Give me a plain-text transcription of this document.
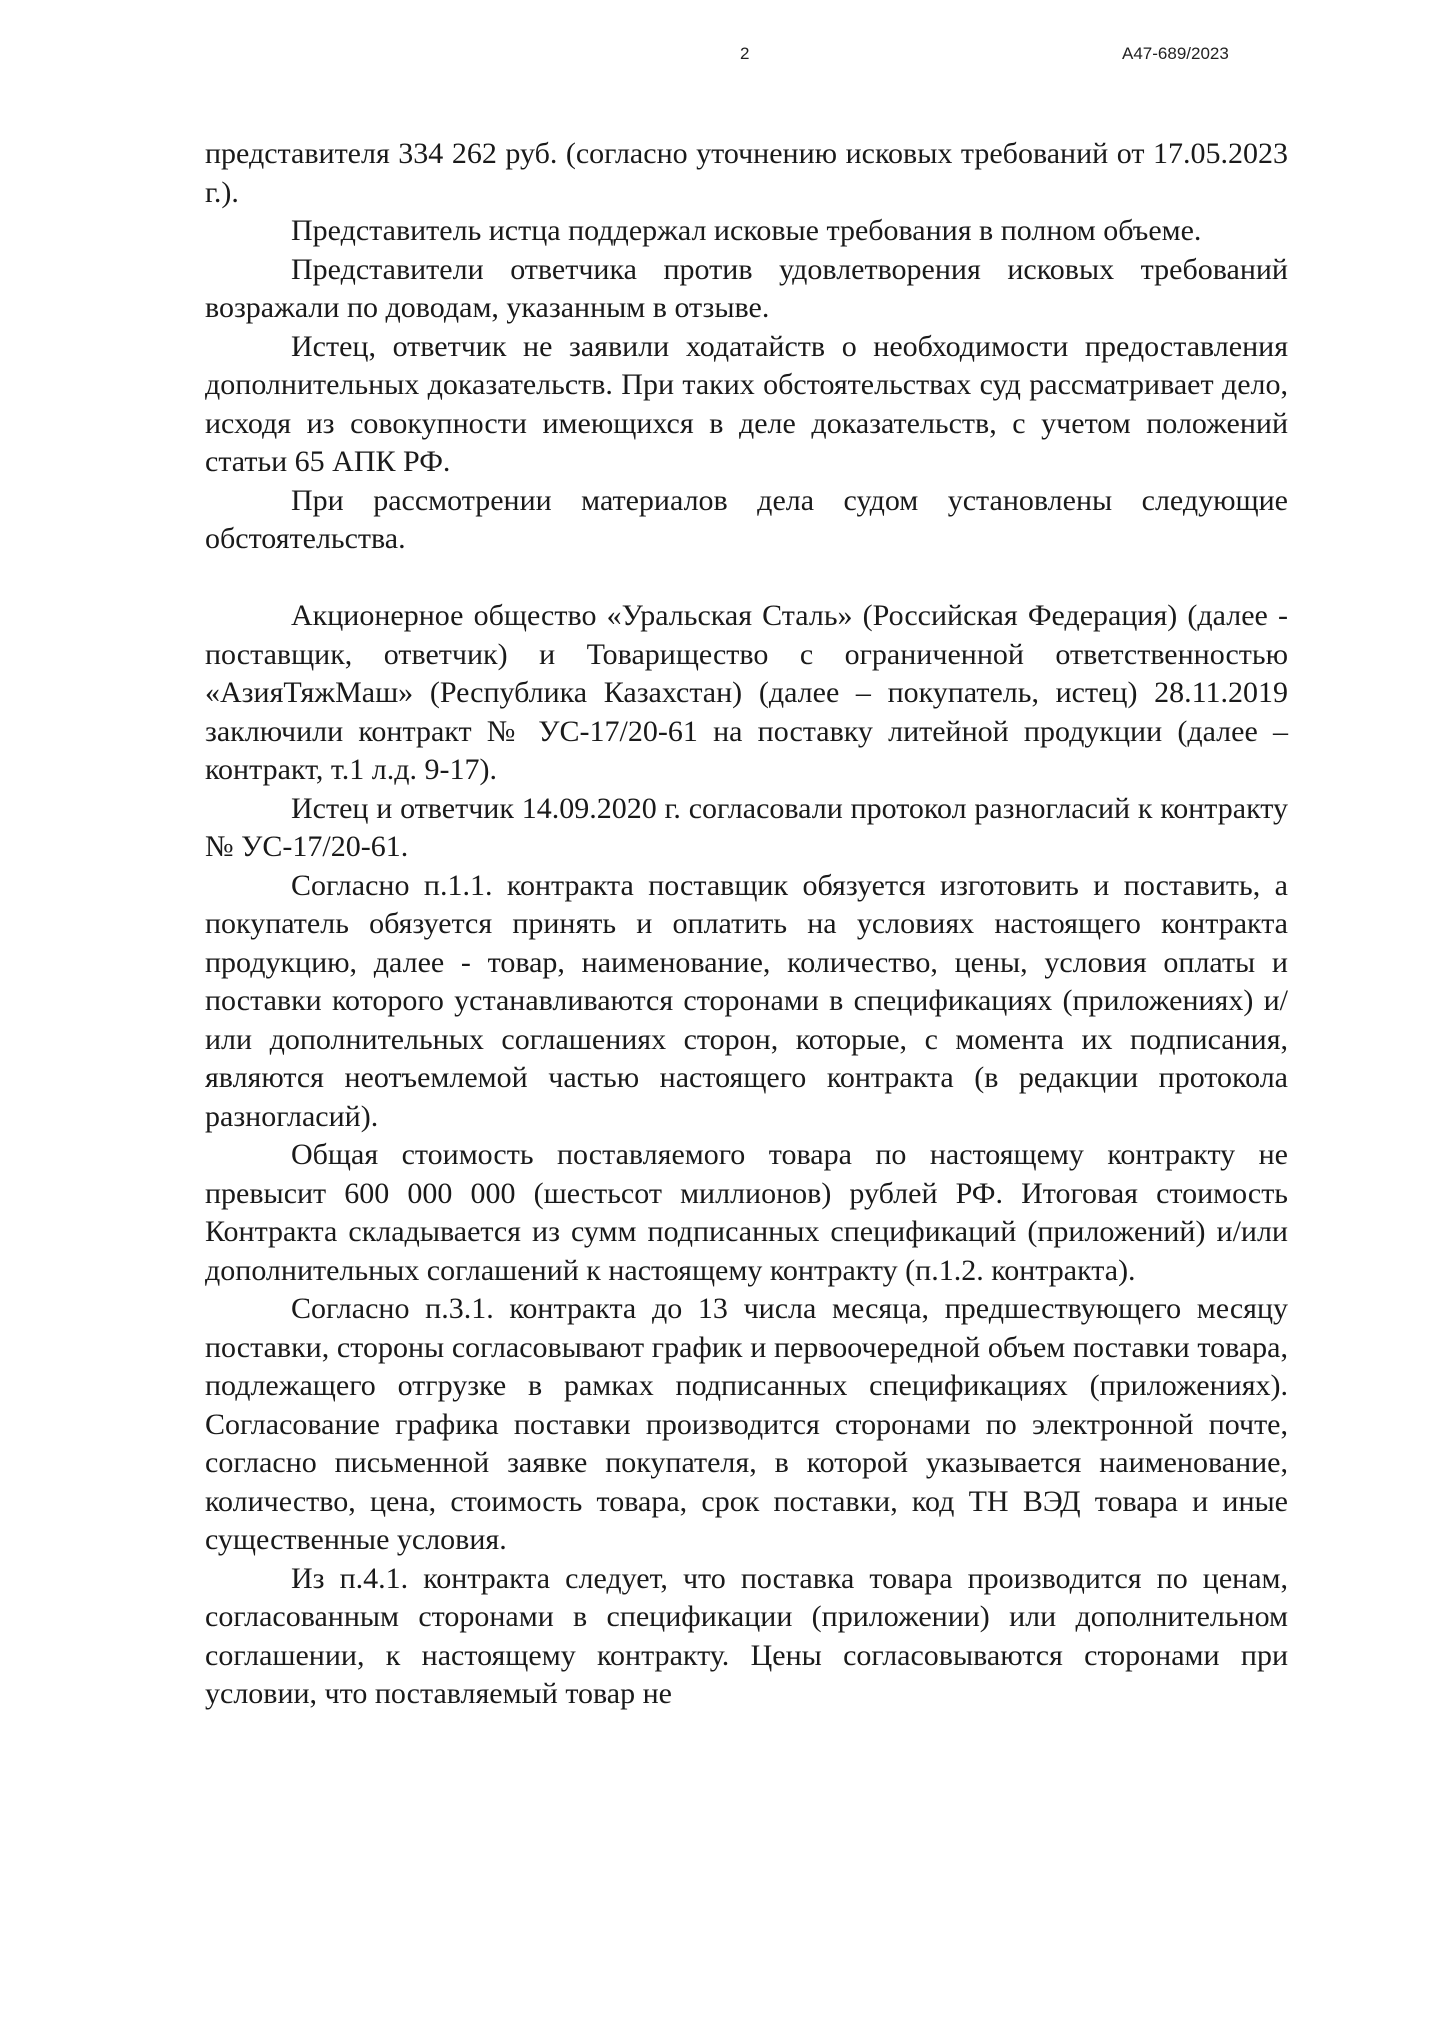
2	А47-689/2023

представителя 334 262 руб. (согласно уточнению исковых требований от 17.05.2023 г.).

Представитель истца поддержал исковые требования в полном объеме.

Представители ответчика против удовлетворения исковых требований возражали по доводам, указанным в отзыве.

Истец, ответчик не заявили ходатайств о необходимости предоставления дополнительных доказательств. При таких обстоятельствах суд рассматривает дело, исходя из совокупности имеющихся в деле доказательств, с учетом положений статьи 65 АПК РФ.

При рассмотрении материалов дела судом установлены следующие обстоятельства.

Акционерное общество «Уральская Сталь» (Российская Федерация) (далее - поставщик, ответчик) и Товарищество с ограниченной ответственностью «АзияТяжМаш» (Республика Казахстан) (далее – покупатель, истец) 28.11.2019 заключили контракт № УС-17/20-61 на поставку литейной продукции (далее – контракт, т.1 л.д. 9-17).

Истец и ответчик 14.09.2020 г. согласовали протокол разногласий к контракту № УС-17/20-61.

Согласно п.1.1. контракта поставщик обязуется изготовить и поставить, а покупатель обязуется принять и оплатить на условиях настоящего контракта продукцию, далее - товар, наименование, количество, цены, условия оплаты и поставки которого устанавливаются сторонами в спецификациях (приложениях) и/или дополнительных соглашениях сторон, которые, с момента их подписания, являются неотъемлемой частью настоящего контракта (в редакции протокола разногласий).

Общая стоимость поставляемого товара по настоящему контракту не превысит 600 000 000 (шестьсот миллионов) рублей РФ. Итоговая стоимость Контракта складывается из сумм подписанных спецификаций (приложений) и/или дополнительных соглашений к настоящему контракту (п.1.2. контракта).

Согласно п.3.1. контракта до 13 числа месяца, предшествующего месяцу поставки, стороны согласовывают график и первоочередной объем поставки товара, подлежащего отгрузке в рамках подписанных спецификациях (приложениях). Согласование графика поставки производится сторонами по электронной почте, согласно письменной заявке покупателя, в которой указывается наименование, количество, цена, стоимость товара, срок поставки, код ТН ВЭД товара и иные существенные условия.

Из п.4.1. контракта следует, что поставка товара производится по ценам, согласованным сторонами в спецификации (приложении) или дополнительном соглашении, к настоящему контракту. Цены согласовываются сторонами при условии, что поставляемый товар не
